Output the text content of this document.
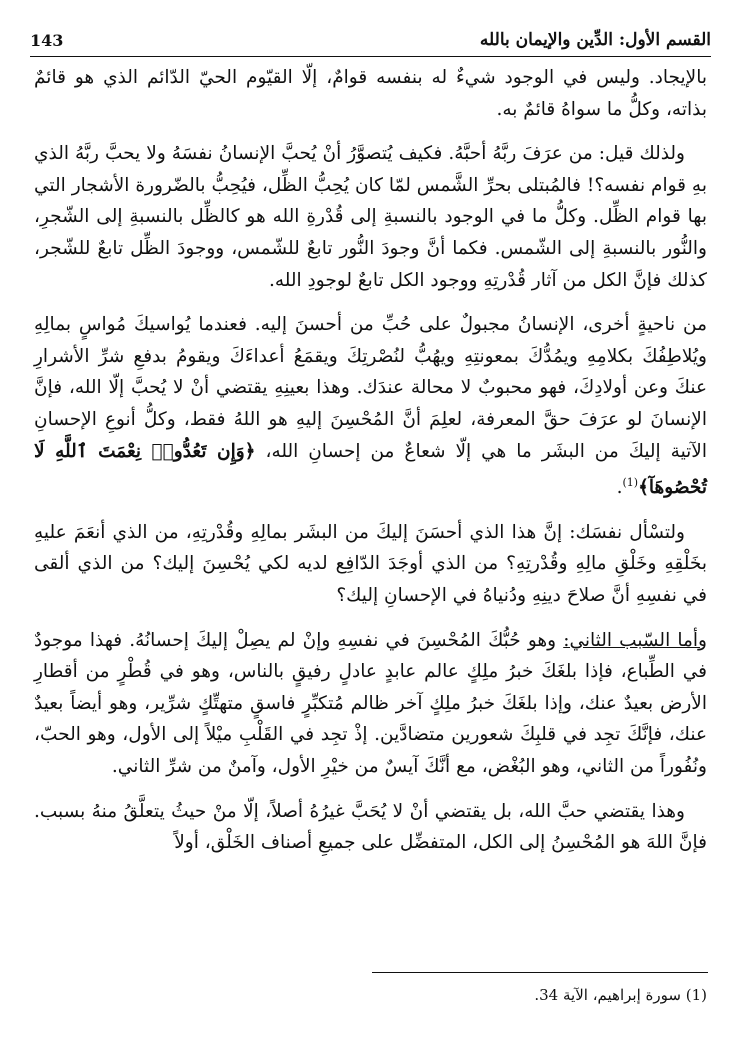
143	القسم الأول: الدِّين والإيمان بالله

بالإيجاد. وليس في الوجود شيءٌ له بنفسه قوامٌ، إلّا القيّوم الحيّ الدّائم الذي هو قائمٌ بذاته، وكلُّ ما سواهُ قائمٌ به.

ولذلك قيل: من عرَفَ ربَّهُ أحبَّهُ. فكيف يُتصوَّرُ أنْ يُحبَّ الإنسانُ نفسَهُ ولا يحبَّ ربَّهُ الذي بهِ قوام نفسه؟! فالمُبتلى بحرِّ الشَّمس لمّا كان يُحِبُّ الظِّل، فيُحِبُّ بالضّرورة الأشجار التي بها قوام الظِّل. وكلُّ ما في الوجود بالنسبةِ إلى قُدْرةِ الله هو كالظِّل بالنسبةِ إلى الشّجرِ، والنُّور بالنسبةِ إلى الشّمس. فكما أنَّ وجودَ النُّور تابعٌ للشّمس، ووجودَ الظِّل تابعٌ للشّجر، كذلك فإنَّ الكل من آثار قُدْرتِهِ ووجود الكل تابعٌ لوجودِ الله.

من ناحيةٍ أخرى، الإنسانُ مجبولٌ على حُبِّ من أحسنَ إليه. فعندما يُواسيكَ مُواسٍ بمالِهِ ويُلاطِفُكَ بكلامِهِ ويمُدُّكَ بمعونتِهِ ويهُبُّ لنُصْرتِكَ ويقمَعُ أعداءَكَ ويقومُ بدفعِ شرِّ الأشرارِ عنكَ وعن أولادِكَ، فهو محبوبٌ لا محالة عندَك. وهذا بعينِهِ يقتضي أنْ لا يُحبَّ إلّا الله، فإنَّ الإنسانَ لو عرَفَ حقَّ المعرفة، لعلِمَ أنَّ المُحْسِنَ إليهِ هو اللهُ فقط، وكلُّ أنوعِ الإحسانِ الآتية إليكَ من البشَر ما هي إلّا شعاعٌ من إحسانِ الله، ﴿وَإِن تَعُدُّوا۟ نِعْمَتَ ٱللَّهِ لَا تُحْصُوهَآ﴾$^{(1)}$.

ولتسْأل نفسَك: إنَّ هذا الذي أحسَنَ إليكَ من البشَر بمالِهِ وقُدْرتِهِ، من الذي أنعَمَ عليهِ بخَلْقِهِ وخَلْقِ مالِهِ وقُدْرتِهِ؟ من الذي أوجَدَ الدّافِع لديه لكي يُحْسِنَ إليك؟ من الذي ألقى في نفسِهِ أنَّ صلاحَ دينِهِ ودُنياهُ في الإحسانِ إليك؟

وأما السّبب الثاني: وهو حُبُّكَ المُحْسِنَ في نفسِهِ وإنْ لم يصِلْ إليكَ إحسانُهُ. فهذا موجودٌ في الطِّباع، فإذا بلغَكَ خبرُ ملِكٍ عالم عابدٍ عادلٍ رفيقٍ بالناس، وهو في قُطْرٍ من أقطارِ الأرض بعيدٌ عنك، وإذا بلغَكَ خبرُ ملِكٍ آخر ظالم مُتكبِّرٍ فاسقٍ متهتِّكٍ شرِّير، وهو أيضاً بعيدٌ عنك، فإنَّكَ تجِد في قلبِكَ شعورين متضادَّين. إذْ تجِد في القَلْبِ ميْلاً إلى الأول، وهو الحبّ، ونُفُوراً من الثاني، وهو البُغْض، مع أنَّكَ آيسٌ من خيْرِ الأول، وآمنٌ من شرِّ الثاني.

وهذا يقتضي حبَّ الله، بل يقتضي أنْ لا يُحَبَّ غيرُهُ أصلاً، إلّا منْ حيثُ يتعلَّقُ منهُ بسبب. فإنَّ اللهَ هو المُحْسِنُ إلى الكل، المتفضِّل على جميعِ أصناف الخَلْق، أولاً

(1) سورة إبراهيم، الآية 34.
